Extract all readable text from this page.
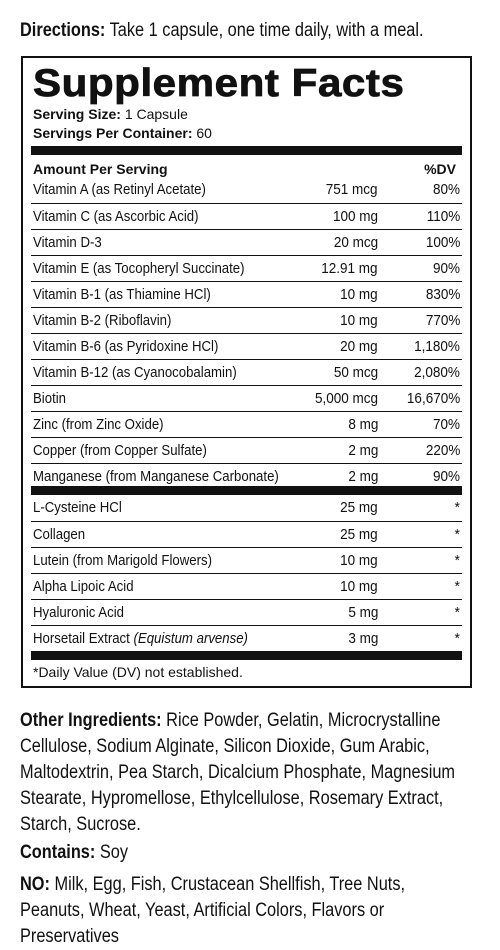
Directions: Take 1 capsule, one time daily, with a meal.
Supplement Facts
Serving Size: 1 Capsule
Servings Per Container: 60
Amount Per Serving	%DV
Vitamin A (as Retinyl Acetate)	751 mcg	80%
Vitamin C (as Ascorbic Acid)	100 mg	110%
Vitamin D-3	20 mcg	100%
Vitamin E (as Tocopheryl Succinate)	12.91 mg	90%
Vitamin B-1 (as Thiamine HCl)	10 mg	830%
Vitamin B-2 (Riboflavin)	10 mg	770%
Vitamin B-6 (as Pyridoxine HCl)	20 mg 1,180%
Vitamin B-12 (as Cyanocobalamin)	50 mcg 2,080%
Biotin	5,000 mcg 16,670%
Zinc (from Zinc Oxide)	8 mg	70%
Copper (from Copper Sulfate)	2 mg	220%
Manganese (from Manganese Carbonate)	2 mg	90%
L-Cysteine HCl	25 mg	*
Collagen	25 mg	*
Lutein (from Marigold Flowers)	10 mg	*
Alpha Lipoic Acid	10 mg	*
Hyaluronic Acid	5 mg	*
Horsetail Extract (Equistum arvense)	3 mg	*
*Daily Value (DV) not established.
Other Ingredients: Rice Powder, Gelatin, Microcrystalline Cellulose, Sodium Alginate, Silicon Dioxide, Gum Arabic, Maltodextrin, Pea Starch, Dicalcium Phosphate, Magnesium Stearate, Hypromellose, Ethylcellulose, Rosemary Extract, Starch, Sucrose.
Contains: Soy
NO: Milk, Egg, Fish, Crustacean Shellfish, Tree Nuts, Peanuts, Wheat, Yeast, Artificial Colors, Flavors or Preservatives
